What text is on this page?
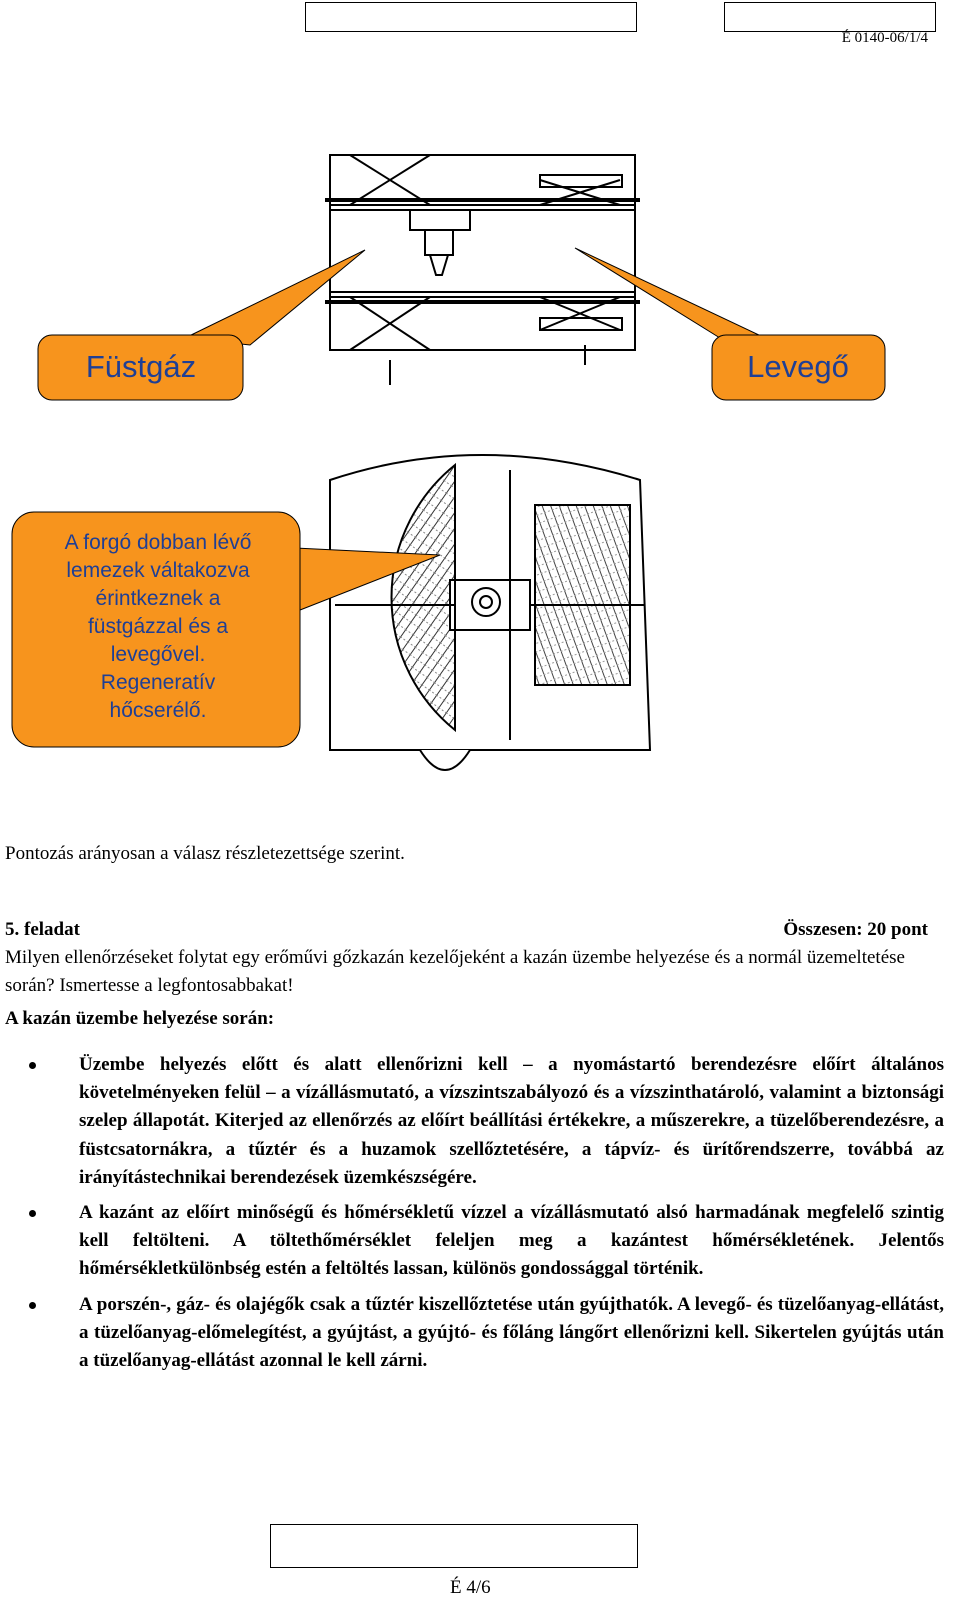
É 0140-06/1/4
Füstgáz	Levegő
A forgó dobban lévő
lemezek váltakozva
érintkeznek a
füstgázzal és a
levegővel.
Regeneratív
hőcserélő.
Pontozás arányosan a válasz részletezettsége szerint.
5. feladat	Összesen: 20 pont
Milyen ellenőrzéseket folytat egy erőművi gőzkazán kezelőjeként a kazán üzembe helyezése és a normál üzemeltetése során? Ismertesse a legfontosabbakat!
A kazán üzembe helyezése során:
Üzembe helyezés előtt és alatt ellenőrizni kell – a nyomástartó berendezésre előírt általános követelményeken felül – a vízállásmutató, a vízszintszabályozó és a vízszinthatároló, valamint a biztonsági szelep állapotát. Kiterjed az ellenőrzés az előírt beállítási értékekre, a műszerekre, a tüzelőberendezésre, a füstcsatornákra, a tűztér és a huzamok szellőztetésére, a tápvíz- és ürítőrendszerre, továbbá az irányítástechnikai berendezések üzemkészségére.
A kazánt az előírt minőségű és hőmérsékletű vízzel a vízállásmutató alsó harmadának megfelelő szintig kell feltölteni. A töltethőmérséklet feleljen meg a kazántest hőmérsékletének. Jelentős hőmérsékletkülönbség estén a feltöltés lassan, különös gondossággal történik.
A porszén-, gáz- és olajégők csak a tűztér kiszellőztetése után gyújthatók. A levegő- és tüzelőanyag-ellátást, a tüzelőanyag-előmelegítést, a gyújtást, a gyújtó- és főláng lángőrt ellenőrizni kell. Sikertelen gyújtás után a tüzelőanyag-ellátást azonnal le kell zárni.
É 4/6
